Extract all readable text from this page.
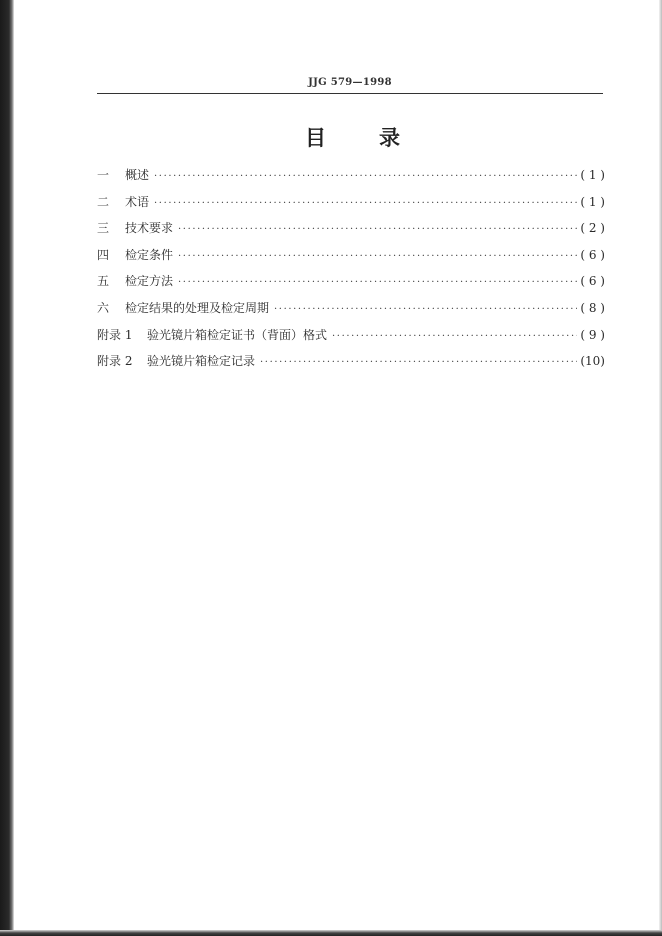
JJG 579—1998
目	录
一	概述 ·····	( 1 )
二	术语 ·····	( 1 )
三	技术要求 ·····	( 2 )
四	检定条件 ·····	( 6 )
五	检定方法 ·····	( 6 )
六	检定结果的处理及检定周期 ·····	( 8 )
附录 1	验光镜片箱检定证书（背面）格式 ·····	( 9 )
附录 2	验光镜片箱检定记录 ·····	(10)
